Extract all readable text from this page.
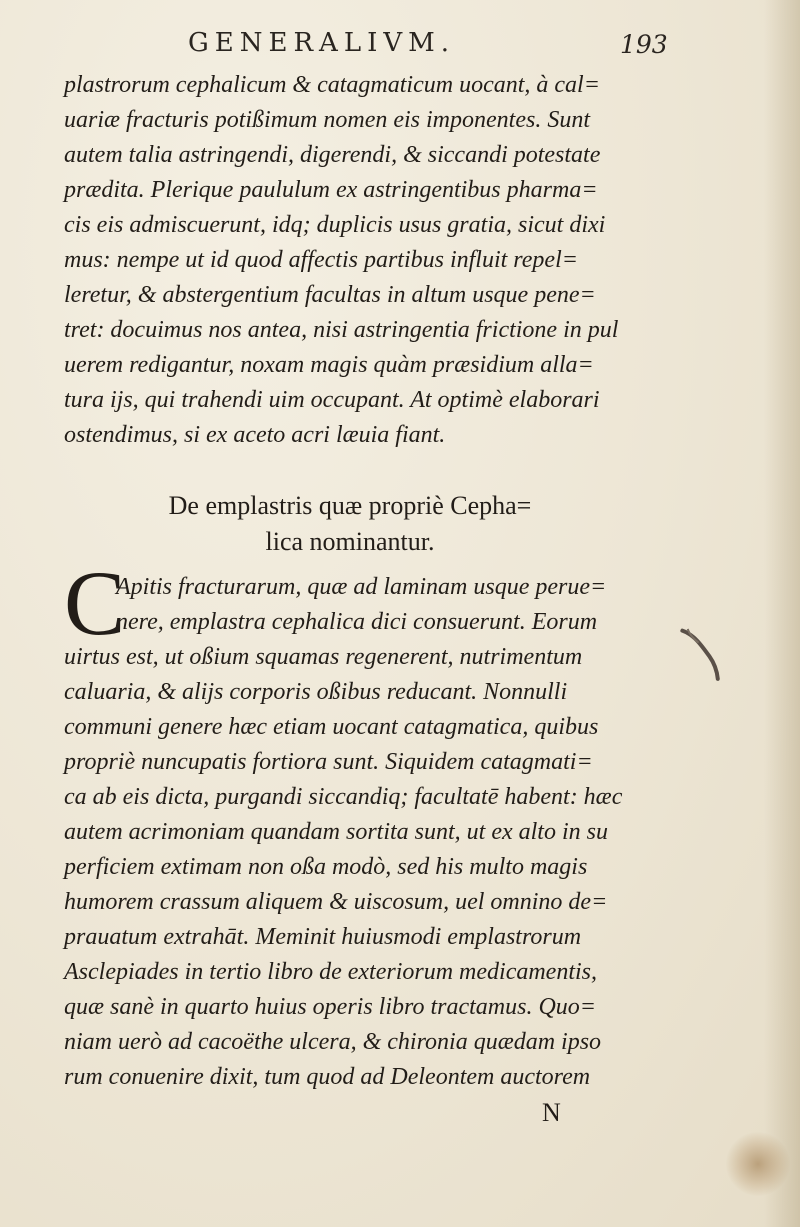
GENERALIVM.	193
plastrorum cephalicum & catagmaticum uocant, à cal=
uariæ fracturis potißimum nomen eis imponentes. Sunt
autem talia astringendi, digerendi, & siccandi potestate
prædita. Plerique paululum ex astringentibus pharma=
cis eis admiscuerunt, idq; duplicis usus gratia, sicut dixi
mus: nempe ut id quod affectis partibus influit repel=
leretur, & abstergentium facultas in altum usque pene=
tret: docuimus nos antea, nisi astringentia frictione in pul
uerem redigantur, noxam magis quàm præsidium alla=
tura ijs, qui trahendi uim occupant. At optimè elaborari
ostendimus, si ex aceto acri læuia fiant.
De emplastris quæ propriè Cepha=
lica nominantur.
C
Apitis fracturarum, quæ ad laminam usque perue=
nere, emplastra cephalica dici consuerunt. Eorum
uirtus est, ut oßium squamas regenerent, nutrimentum
caluaria, & alijs corporis oßibus reducant. Nonnulli
communi genere hæc etiam uocant catagmatica, quibus
propriè nuncupatis fortiora sunt. Siquidem catagmati=
ca ab eis dicta, purgandi siccandiq; facultatē habent: hæc
autem acrimoniam quandam sortita sunt, ut ex alto in su
perficiem extimam non oßa modò, sed his multo magis
humorem crassum aliquem & uiscosum, uel omnino de=
prauatum extrahāt. Meminit huiusmodi emplastrorum
Asclepiades in tertio libro de exteriorum medicamentis,
quæ sanè in quarto huius operis libro tractamus. Quo=
niam uerò ad cacoëthe ulcera, & chironia quædam ipso
rum conuenire dixit, tum quod ad Deleontem auctorem
N
